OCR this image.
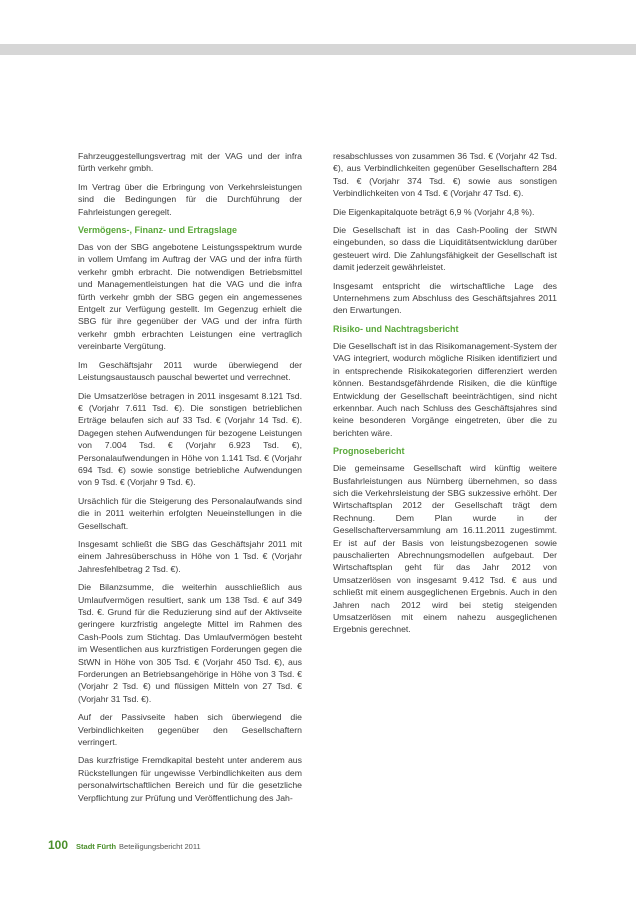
Fahrzeuggestellungsvertrag mit der VAG und der infra fürth verkehr gmbh.

Im Vertrag über die Erbringung von Verkehrsleistungen sind die Bedingungen für die Durchführung der Fahrleistungen geregelt.

Vermögens-, Finanz- und Ertragslage

Das von der SBG angebotene Leistungsspektrum wurde in vollem Umfang im Auftrag der VAG und der infra fürth verkehr gmbh erbracht. Die notwendigen Betriebsmittel und Managementleistungen hat die VAG und die infra fürth verkehr gmbh der SBG gegen ein angemessenes Entgelt zur Verfügung gestellt. Im Gegenzug erhielt die SBG für ihre gegenüber der VAG und der infra fürth verkehr gmbh erbrachten Leistungen eine vertraglich vereinbarte Vergütung.

Im Geschäftsjahr 2011 wurde überwiegend der Leistungsaustausch pauschal bewertet und verrechnet.

Die Umsatzerlöse betragen in 2011 insgesamt 8.121 Tsd. € (Vorjahr 7.611 Tsd. €). Die sonstigen betrieblichen Erträge belaufen sich auf 33 Tsd. € (Vorjahr 14 Tsd. €). Dagegen stehen Aufwendungen für bezogene Leistungen von 7.004 Tsd. € (Vorjahr 6.923 Tsd. €), Personalaufwendungen in Höhe von 1.141 Tsd. € (Vorjahr 694 Tsd. €) sowie sonstige betriebliche Aufwendungen von 9 Tsd. € (Vorjahr 9 Tsd. €).

Ursächlich für die Steigerung des Personalaufwands sind die in 2011 weiterhin erfolgten Neueinstellungen in die Gesellschaft.

Insgesamt schließt die SBG das Geschäftsjahr 2011 mit einem Jahresüberschuss in Höhe von 1 Tsd. € (Vorjahr Jahresfehlbetrag 2 Tsd. €).

Die Bilanzsumme, die weiterhin ausschließlich aus Umlaufvermögen resultiert, sank um 138 Tsd. € auf 349 Tsd. €. Grund für die Reduzierung sind auf der Aktivseite geringere kurzfristig angelegte Mittel im Rahmen des Cash-Pools zum Stichtag. Das Umlaufvermögen besteht im Wesentlichen aus kurzfristigen Forderungen gegen die StWN in Höhe von 305 Tsd. € (Vorjahr 450 Tsd. €), aus Forderungen an Betriebsangehörige in Höhe von 3 Tsd. € (Vorjahr 2 Tsd. €) und flüssigen Mitteln von 27 Tsd. € (Vorjahr 31 Tsd. €).

Auf der Passivseite haben sich überwiegend die Verbindlichkeiten gegenüber den Gesellschaftern verringert.

Das kurzfristige Fremdkapital besteht unter anderem aus Rückstellungen für ungewisse Verbindlichkeiten aus dem personalwirtschaftlichen Bereich und für die gesetzliche Verpflichtung zur Prüfung und Veröffentlichung des Jah-

resabschlusses von zusammen 36 Tsd. € (Vorjahr 42 Tsd. €), aus Verbindlichkeiten gegenüber Gesellschaftern 284 Tsd. € (Vorjahr 374 Tsd. €) sowie aus sonstigen Verbindlichkeiten von 4 Tsd. € (Vorjahr 47 Tsd. €).

Die Eigenkapitalquote beträgt 6,9 % (Vorjahr 4,8 %).

Die Gesellschaft ist in das Cash-Pooling der StWN eingebunden, so dass die Liquiditätsentwicklung darüber gesteuert wird. Die Zahlungsfähigkeit der Gesellschaft ist damit jederzeit gewährleistet.

Insgesamt entspricht die wirtschaftliche Lage des Unternehmens zum Abschluss des Geschäftsjahres 2011 den Erwartungen.

Risiko- und Nachtragsbericht

Die Gesellschaft ist in das Risikomanagement-System der VAG integriert, wodurch mögliche Risiken identifiziert und in entsprechende Risikokategorien differenziert werden können. Bestandsgefährdende Risiken, die die künftige Entwicklung der Gesellschaft beeinträchtigen, sind nicht erkennbar. Auch nach Schluss des Geschäftsjahres sind keine besonderen Vorgänge eingetreten, über die zu berichten wäre.

Prognosebericht

Die gemeinsame Gesellschaft wird künftig weitere Busfahrleistungen aus Nürnberg übernehmen, so dass sich die Verkehrsleistung der SBG sukzessive erhöht. Der Wirtschaftsplan 2012 der Gesellschaft trägt dem Rechnung. Dem Plan wurde in der Gesellschafterversammlung am 16.11.2011 zugestimmt. Er ist auf der Basis von leistungsbezogenen sowie pauschalierten Abrechnungsmodellen aufgebaut. Der Wirtschaftsplan geht für das Jahr 2012 von Umsatzerlösen von insgesamt 9.412 Tsd. € aus und schließt mit einem ausgeglichenen Ergebnis. Auch in den Jahren nach 2012 wird bei stetig steigenden Umsatzerlösen mit einem nahezu ausgeglichenen Ergebnis gerechnet.

100 Stadt Fürth Beteiligungsbericht 2011
